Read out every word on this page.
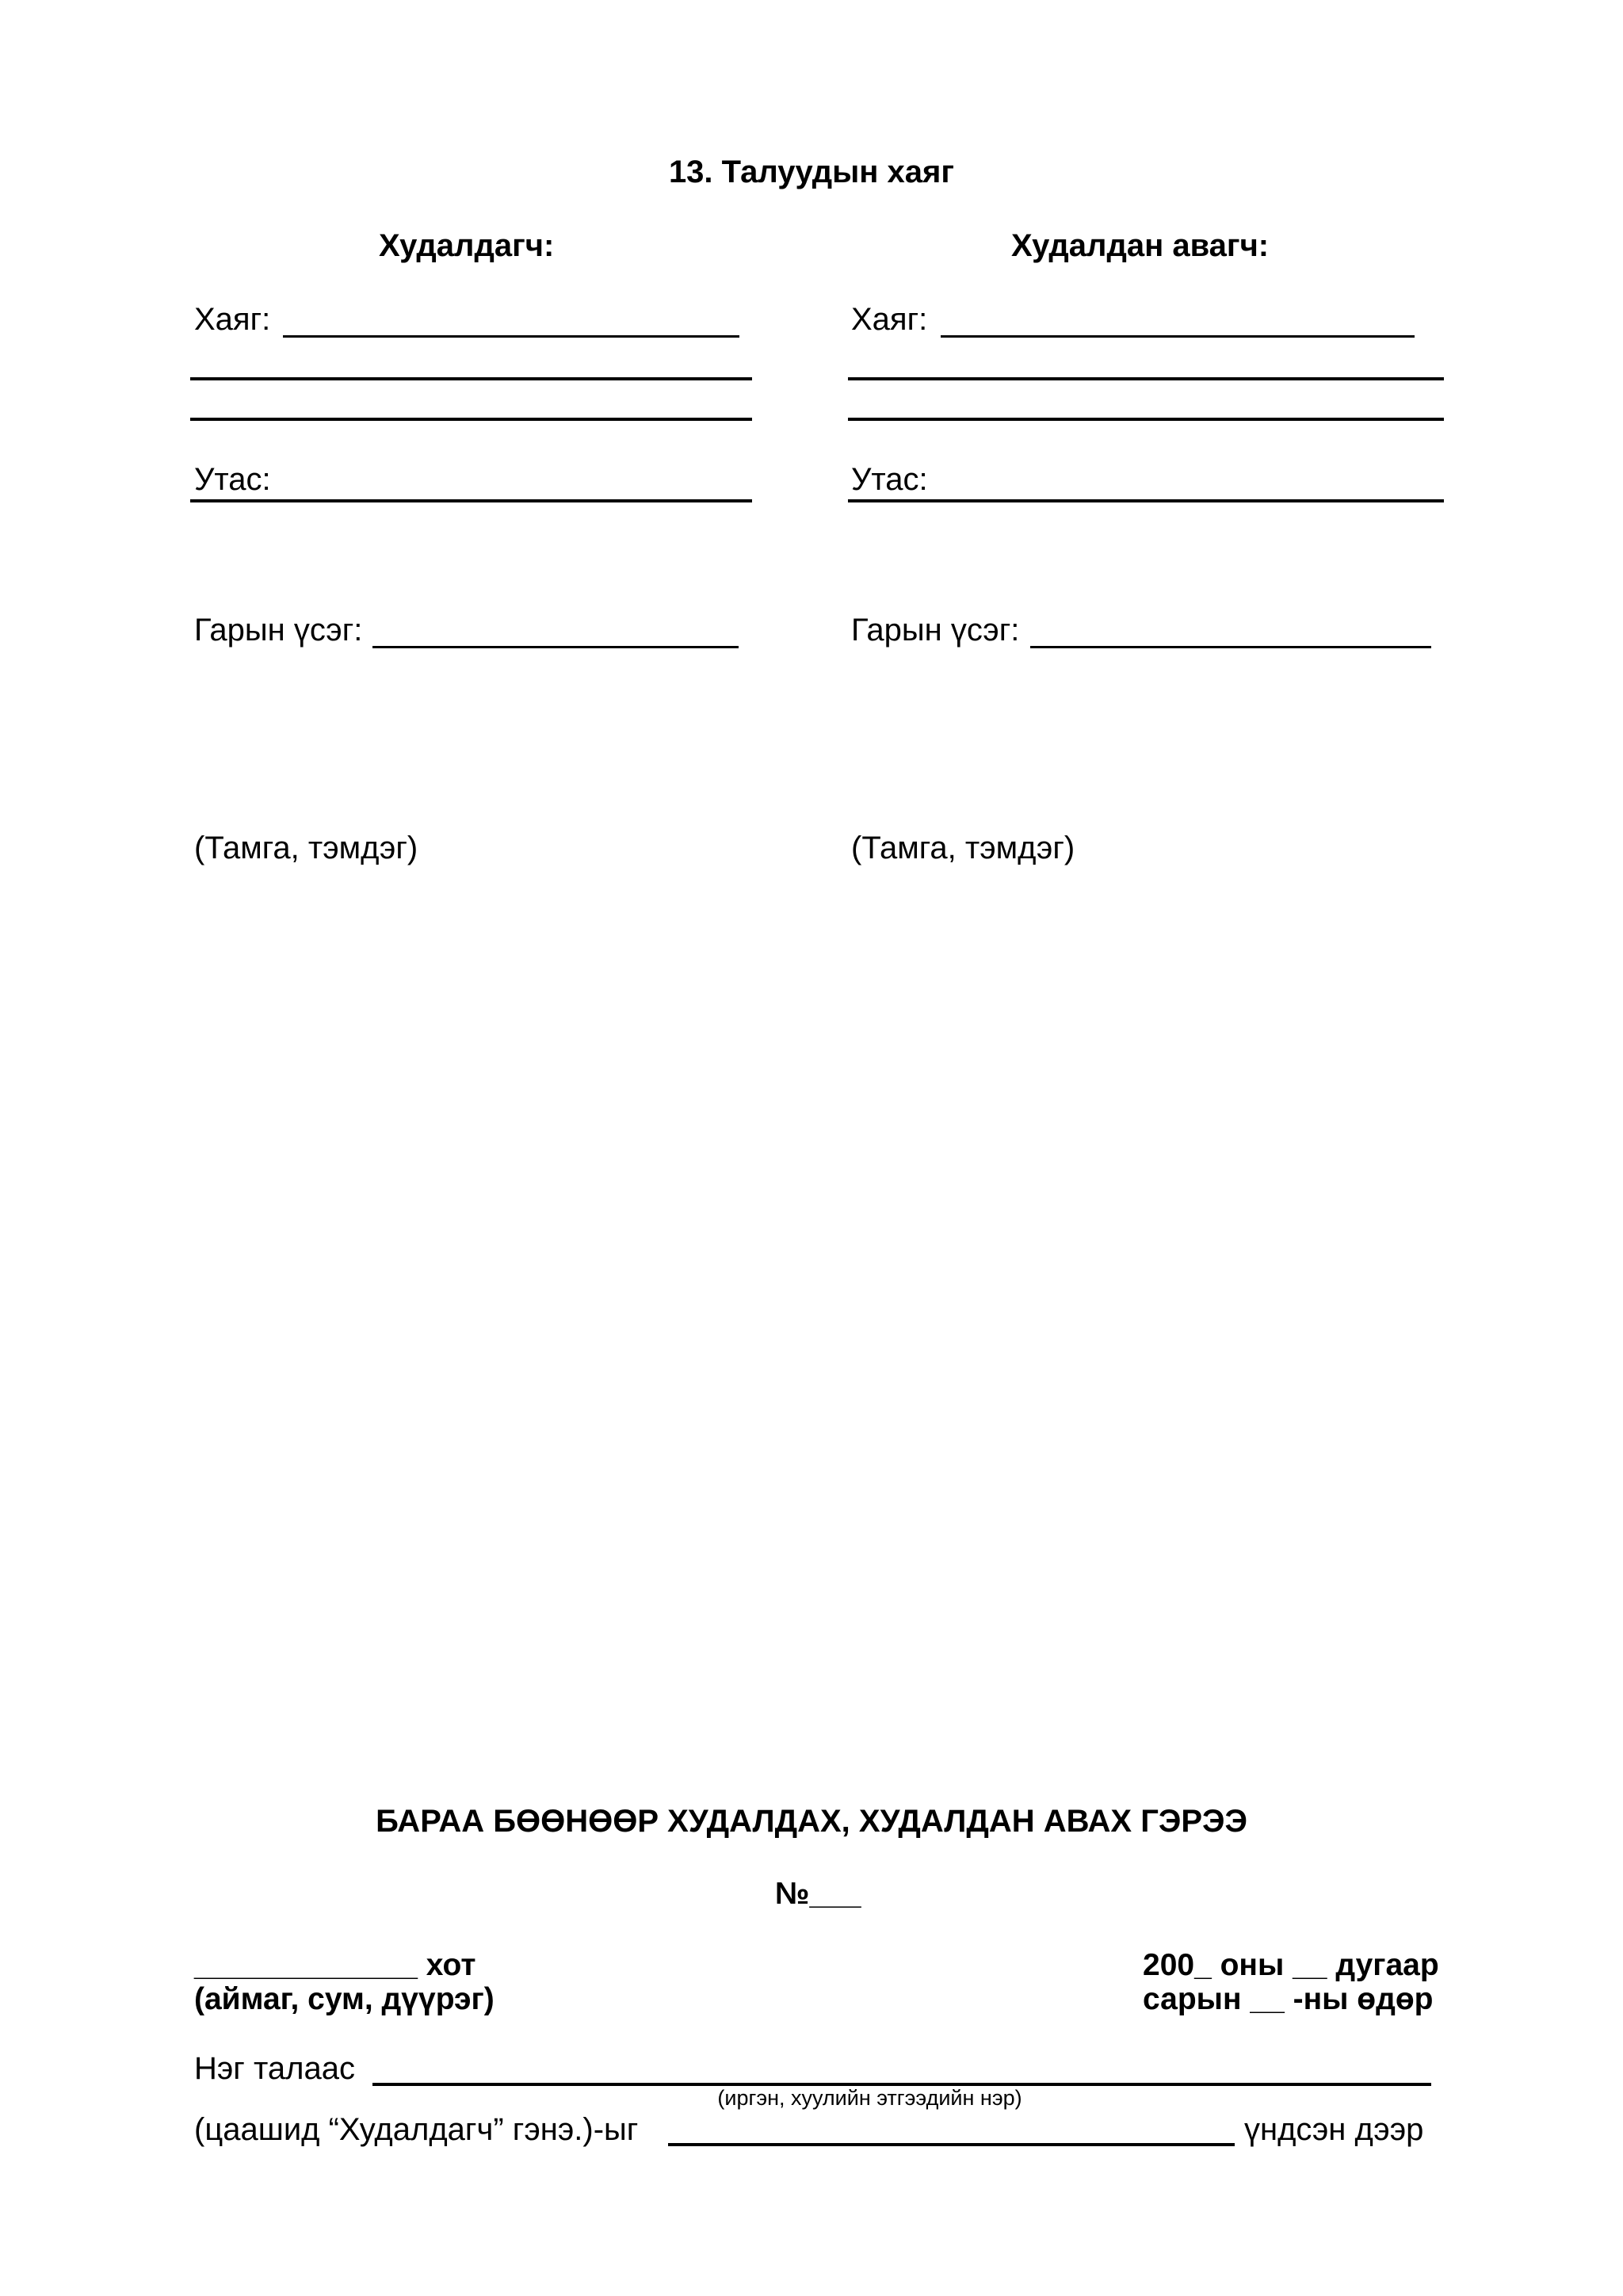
13. Талуудын хаяг
Худалдагч:
Хаяг:
Утас:
Гарын үсэг:
(Тамга, тэмдэг)
Худалдан авагч:
Хаяг:
Утас:
Гарын үсэг:
(Тамга, тэмдэг)
БАРАА БӨӨНӨӨР ХУДАЛДАХ, ХУДАЛДАН АВАХ ГЭРЭЭ
№___
_____________ хот
(аймаг, сум, дүүрэг)
200_ оны __ дугаар
сарын __ -ны өдөр
Нэг талаас
(иргэн, хуулийн этгээдийн нэр)
(цаашид “Худалдагч” гэнэ.)-ыг	үндсэн дээр
